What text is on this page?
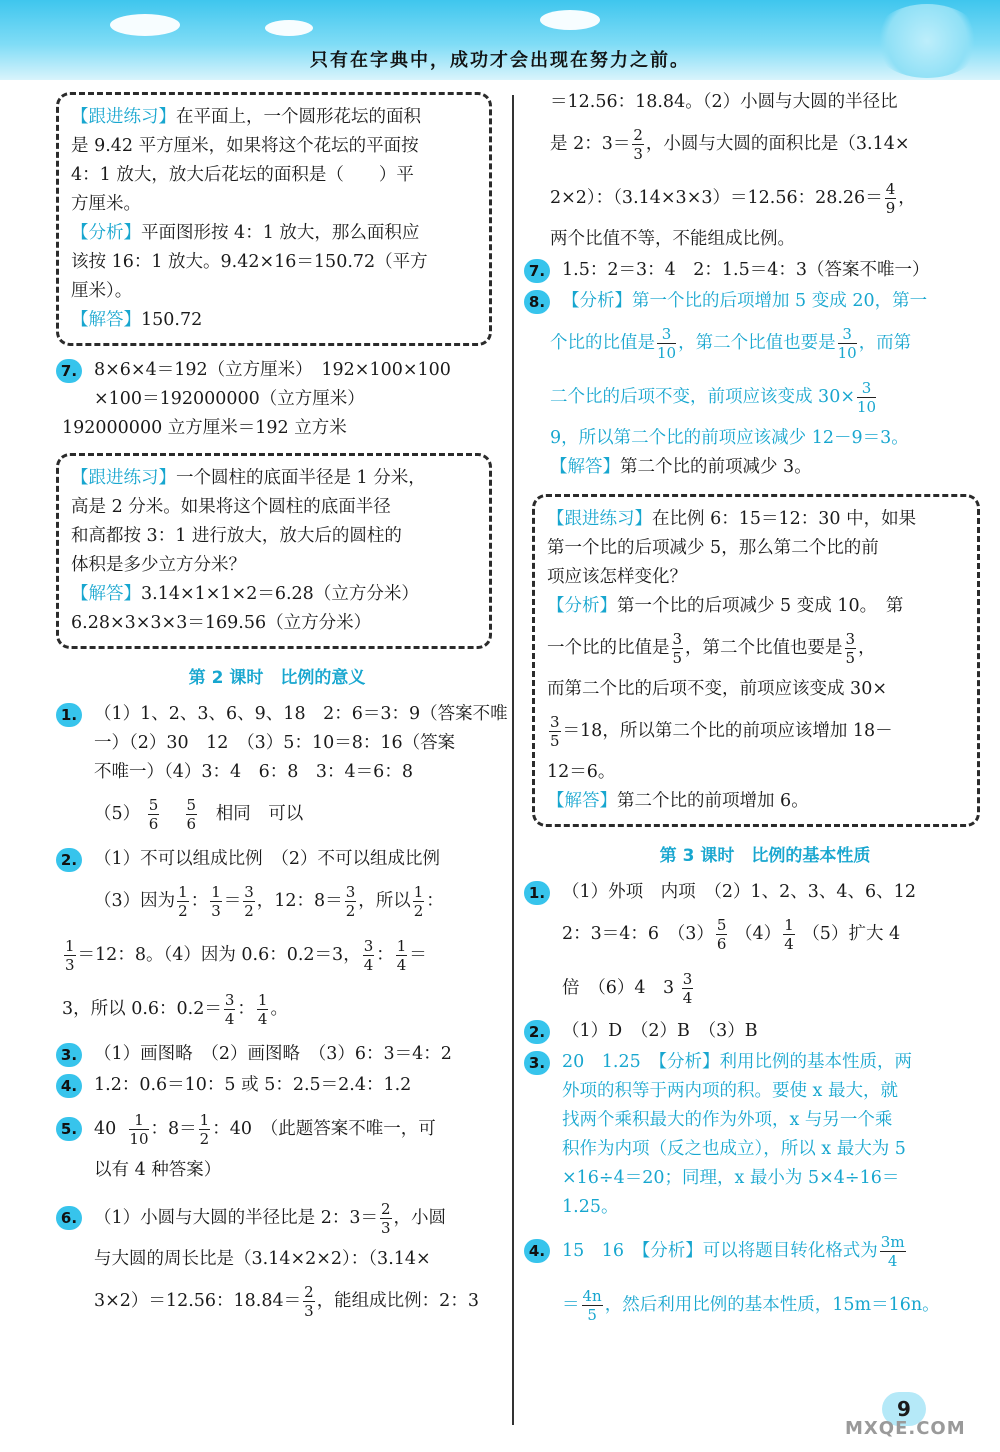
只有在字典中，成功才会出现在努力之前。
【跟进练习】在平面上，一个圆形花坛的面积
是 9.42 平方厘米，如果将这个花坛的平面按
4：1 放大，放大后花坛的面积是（　　）平
方厘米。
【分析】平面图形按 4：1 放大，那么面积应
该按 16：1 放大。9.42×16＝150.72（平方
厘米）。
【解答】150.72
7. 8×6×4＝192（立方厘米）　192×100×100
×100＝192000000（立方厘米）
192000000 立方厘米＝192 立方米
【跟进练习】一个圆柱的底面半径是 1 分米，
高是 2 分米。如果将这个圆柱的底面半径
和高都按 3：1 进行放大，放大后的圆柱的
体积是多少立方分米？
【解答】3.14×1×1×2＝6.28（立方分米）
6.28×3×3×3＝169.56（立方分米）
第 2 课时　比例的意义
1. （1）1、2、3、6、9、18　2：6＝3：9（答案不唯
一）（2）30　12　（3）5：10＝8：16（答案
不唯一）（4）3：4　6：8　3：4＝6：8
$(5) \frac{5}{6}$
$\frac{5}{6}$ 相同　可以
2. （1）不可以组成比例　（2）不可以组成比例
（3）因为 $\frac{1}{2}$ ： $\frac{1}{3} = \frac{3}{2}$ ，12：$8= \frac{3}{2}$ ，所以 $\frac{1}{2}$ ：
$\frac{1}{3} =12$：8。（4）因为 0.6：0.2＝3， $\frac{3}{4}$ ： $\frac{1}{4}$ ＝
3，所以 0.6：$0.2= \frac{3}{4}$ ： $\frac{1}{4}$ 。
3. （1）画图略　（2）画图略　（3）6：3＝4：2
4. 1.2：0.6＝10：5 或 5：2.5＝2.4：1.2
5. $40 \frac{1}{10}$ ：$8= \frac{1}{2}$ ：40　（此题答案不唯一，可
以有 4 种答案）
6. （1）小圆与大圆的半径比是 2：$3= \frac{2}{3}$ ，小圆
与大圆的周长比是（3.14×2×2）：（3.14×
3×2）＝12.56：$18.84= \frac{2}{3}$ ，能组成比例：2：3
＝12.56：18.84。（2）小圆与大圆的半径比
是 2：$3= \frac{2}{3}$ ，小圆与大圆的面积比是（3.14×
2×2）：（3.14×3×3）＝12.56：$28.26= \frac{4}{9}$ ，
两个比值不等，不能组成比例。
7. 1.5：2＝3：4　2：1.5＝4：3（答案不唯一）
8. 【分析】第一个比的后项增加 5 变成 20，第一
个比的比值是 $\frac{3}{10}$ ，第二个比值也要是 $\frac{3}{10}$ ，而第
二个比的后项不变，前项应该变成 $30\times \frac{3}{10}$
9，所以第二个比的前项应该减少 12－9＝3。
【解答】第二个比的前项减少 3。
【跟进练习】在比例 6：15＝12：30 中，如果
第一个比的后项减少 5，那么第二个比的前
项应该怎样变化？
【分析】第一个比的后项减少 5 变成 10。　第
一个比的比值是 $\frac{3}{5}$ ，第二个比值也要是 $\frac{3}{5}$ ，
而第二个比的后项不变，前项应该变成 30×
$\frac{3}{5} =18$，所以第二个比的前项应该增加 18－
12＝6。
【解答】第二个比的前项增加 6。
第 3 课时　比例的基本性质
1. （1）外项　内项　（2）1、2、3、4、6、12
2：3＝4：6　$(3) \frac{5}{6} (4) \frac{1}{4} (5)$扩大 4
倍　（6）4　$3 \frac{3}{4}$
2. （1）D　（2）B　（3）B
3. 20　1.25　【分析】利用比例的基本性质，两
外项的积等于两内项的积。要使 x 最大，就
找两个乘积最大的作为外项，x 与另一个乘
积作为内项（反之也成立），所以 x 最大为 5
×16÷4＝20；同理，x 最小为 5×4÷16＝
1.25。
4. 15　16　【分析】可以将题目转化格式为 $\frac{3m}{4}$
＝ $\frac{4n}{5}$ ，然后利用比例的基本性质，15m＝16n。
9
MXQE.COM
